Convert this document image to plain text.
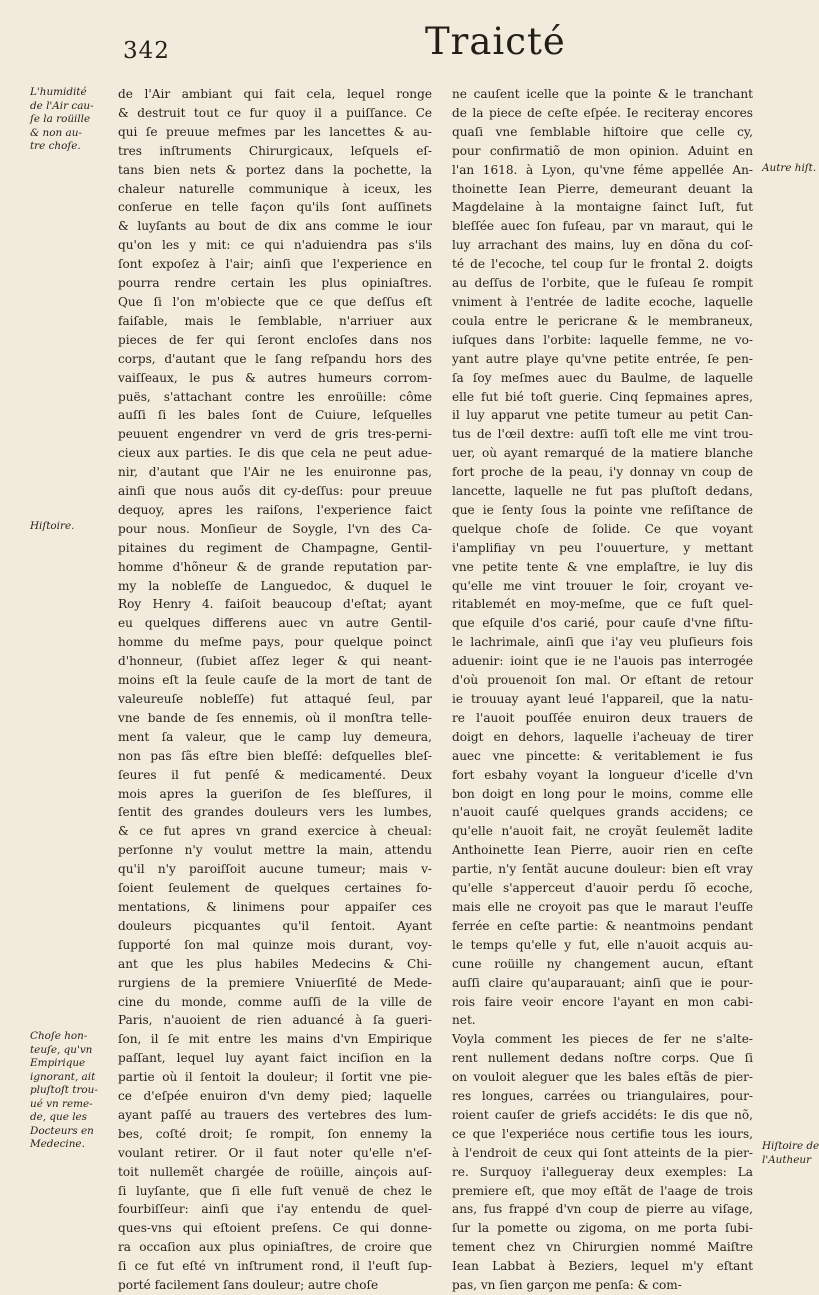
342	Traicté
de l'Air ambiant qui fait cela, lequel ronge
& destruit tout ce fur quoy il a puiſſance. Ce
qui ſe preuue mefmes par les lancettes & au-
tres inſtruments Chirurgicaux, leſquels eſ-
tans bien nets & portez dans la pochette, la
chaleur naturelle communique à iceux, les
conſerue en telle façon qu'ils ſont auſſinets
& luyſants au bout de dix ans comme le iour
qu'on les y mit: ce qui n'aduiendra pas s'ils
ſont expoſez à l'air; ainſi que l'experience en
pourra rendre certain les plus opiniaſtres.
Que ſi l'on m'obiecte que ce que deſſus eſt
faiſable, mais le ſemblable, n'arriuer aux
pieces de fer qui ſeront encloſes dans nos
corps, d'autant que le ſang reſpandu hors des
vaiſſeaux, le pus & autres humeurs corrom-
puës, s'attachant contre les enroüille: côme
auſſi ſi les bales ſont de Cuiure, leſquelles
peuuent engendrer vn verd de gris tres-perni-
cieux aux parties. Ie dis que cela ne peut adue-
nir, d'autant que l'Air ne les enuironne pas,
ainſi que nous auős dit cy-deſſus: pour preuue
dequoy, apres les raiſons, l'experience faict
pour nous. Monſieur de Soygle, l'vn des Ca-
pitaines du regiment de Champagne, Gentil-
homme d'hõneur & de grande reputation par-
my la nobleſſe de Languedoc, & duquel le
Roy Henry 4. faiſoit beaucoup d'eſtat; ayant
eu quelques differens auec vn autre Gentil-
homme du meſme pays, pour quelque poinct
d'honneur, (ſubiet aſſez leger & qui neant-
moins eſt la ſeule cauſe de la mort de tant de
valeureuſe nobleſſe) fut attaqué ſeul, par
vne bande de ſes ennemis, où il monſtra telle-
ment ſa valeur, que le camp luy demeura,
non pas ſãs eſtre bien bleſſé: deſquelles bleſ-
ſeures il fut penſé & medicamenté. Deux
mois apres la gueriſon de ſes bleſſures, il
ſentit des grandes douleurs vers les lumbes,
& ce fut apres vn grand exercice à cheual:
perſonne n'y voulut mettre la main, attendu
qu'il n'y paroiſſoit aucune tumeur; mais v-
ſoient ſeulement de quelques certaines fo-
mentations, & linimens pour appaiſer ces
douleurs picquantes qu'il ſentoit. Ayant
ſupporté ſon mal quinze mois durant, voy-
ant que les plus habiles Medecins & Chi-
rurgiens de la premiere Vniuerſité de Mede-
cine du monde, comme auſſi de la ville de
Paris, n'auoient de rien aduancé à ſa gueri-
ſon, il ſe mit entre les mains d'vn Empirique
paſſant, lequel luy ayant faict inciſion en la
partie où il ſentoit la douleur; il ſortit vne pie-
ce d'eſpée enuiron d'vn demy pied; laquelle
ayant paſſé au trauers des vertebres des lum-
bes, coſté droit; ſe rompit, ſon ennemy la
voulant retirer. Or il faut noter qu'elle n'eſ-
toit nullemẽt chargée de roüille, ainçois auſ-
ſi luyſante, que ſi elle fuſt venuë de chez le
fourbiſſeur: ainſi que i'ay entendu de quel-
ques-vns qui eſtoient preſens. Ce qui donne-
ra occaſion aux plus opiniaſtres, de croire que
ſi ce fut eſté vn inſtrument rond, il l'euſt ſup-
porté facilement ſans douleur; autre choſe
ne cauſent icelle que la pointe & le tranchant
de la piece de ceſte eſpée. Ie reciteray encores
quaſi vne ſemblable hiſtoire que celle cy,
pour confirmatiõ de mon opinion. Aduint en
l'an 1618. à Lyon, qu'vne féme appellée An-
thoinette Iean Pierre, demeurant deuant la
Magdelaine à la montaigne ſainct Iuſt, fut
bleſſée auec ſon fuſeau, par vn maraut, qui le
luy arrachant des mains, luy en dõna du coſ-
té de l'ecoche, tel coup ſur le frontal 2. doigts
au deſſus de l'orbite, que le fuſeau ſe rompit
vniment à l'entrée de ladite ecoche, laquelle
coula entre le pericrane & le membraneux,
iuſques dans l'orbite: laquelle femme, ne vo-
yant autre playe qu'vne petite entrée, ſe pen-
ſa ſoy meſmes auec du Baulme, de laquelle
elle fut bié toſt guerie. Cinq ſepmaines apres,
il luy apparut vne petite tumeur au petit Can-
tus de l'œil dextre: auſſi toſt elle me vint trou-
uer, où ayant remarqué de la matiere blanche
fort proche de la peau, i'y donnay vn coup de
lancette, laquelle ne fut pas pluſtoſt dedans,
que ie ſenty ſous la pointe vne reſiſtance de
quelque choſe de ſolide. Ce que voyant
i'amplifiay vn peu l'ouuerture, y mettant
vne petite tente & vne emplaſtre, ie luy dis
qu'elle me vint trouuer le ſoir, croyant ve-
ritablemét en moy-meſme, que ce fuſt quel-
que eſquile d'os carié, pour cauſe d'vne fiſtu-
le lachrimale, ainſi que i'ay veu pluſieurs fois
aduenir: ioint que ie ne l'auois pas interrogée
d'où prouenoit ſon mal. Or eſtant de retour
ie trouuay ayant leué l'appareil, que la natu-
re l'auoit pouſſée enuiron deux trauers de
doigt en dehors, laquelle i'acheuay de tirer
auec vne pincette: & veritablement ie fus
fort esbahy voyant la longueur d'icelle d'vn
bon doigt en long pour le moins, comme elle
n'auoit cauſé quelques grands accidens; ce
qu'elle n'auoit fait, ne croyãt ſeulemẽt ladite
Anthoinette Iean Pierre, auoir rien en ceſte
partie, n'y ſentãt aucune douleur: bien eſt vray
qu'elle s'apperceut d'auoir perdu ſõ ecoche,
mais elle ne croyoit pas que le maraut l'euſſe
ferrée en ceſte partie: & neantmoins pendant
le temps qu'elle y fut, elle n'auoit acquis au-
cune roüille ny changement aucun, eſtant
auſſi claire qu'auparauant; ainſi que ie pour-
rois faire veoir encore l'ayant en mon cabi-
net.
Voyla comment les pieces de fer ne s'alte-
rent nullement dedans noſtre corps. Que ſi
on vouloit aleguer que les bales eſtãs de pier-
res longues, carrées ou triangulaires, pour-
roient cauſer de griefs accidéts: Ie dis que nõ,
ce que l'experiéce nous certifie tous les iours,
à l'endroit de ceux qui ſont atteints de la pier-
re. Surquoy i'allegueray deux exemples: La
premiere eſt, que moy eſtãt de l'aage de trois
ans, fus frappé d'vn coup de pierre au viſage,
ſur la pomette ou zigoma, on me porta ſubi-
tement chez vn Chirurgien nommé Maiſtre
Iean Labbat à Beziers, lequel m'y eſtant
pas, vn ſien garçon me penſa: & com-
L'humidité
de l'Air cau-
ſe la roüille
& non au-
tre choſe.
Hiſtoire.
Choſe hon-
teuſe, qu'vn
Empirique
ignorant, ait
pluſtoſt trou-
ué vn reme-
de, que les
Docteurs en
Medecine.
Autre hiſt.
Hiſtoire de
l'Autheur
